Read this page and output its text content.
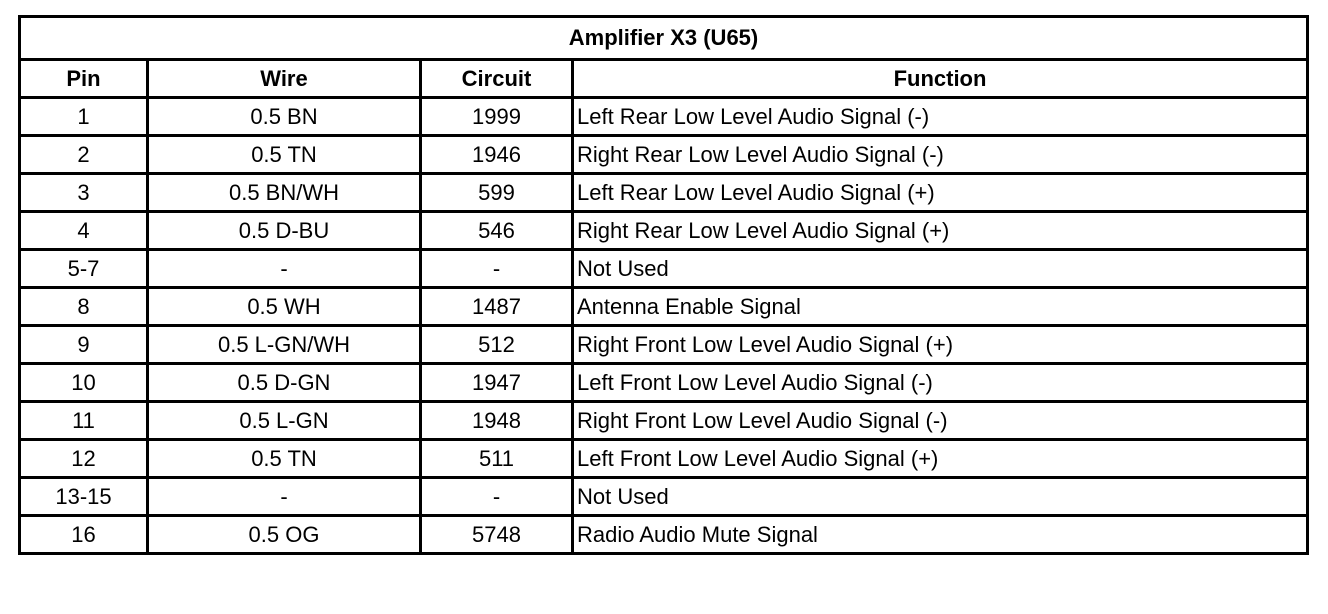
Amplifier X3 (U65)			
Pin	Wire	Circuit	Function
1	0.5 BN	1999	Left Rear Low Level Audio Signal (-)
2	0.5 TN	1946	Right Rear Low Level Audio Signal (-)
3	0.5 BN/WH	599	Left Rear Low Level Audio Signal (+)
4	0.5 D-BU	546	Right Rear Low Level Audio Signal (+)
5-7	-	-	Not Used
8	0.5 WH	1487	Antenna Enable Signal
9	0.5 L-GN/WH	512	Right Front Low Level Audio Signal (+)
10	0.5 D-GN	1947	Left Front Low Level Audio Signal (-)
11	0.5 L-GN	1948	Right Front Low Level Audio Signal (-)
12	0.5 TN	511	Left Front Low Level Audio Signal (+)
13-15	-	-	Not Used
16	0.5 OG	5748	Radio Audio Mute Signal
